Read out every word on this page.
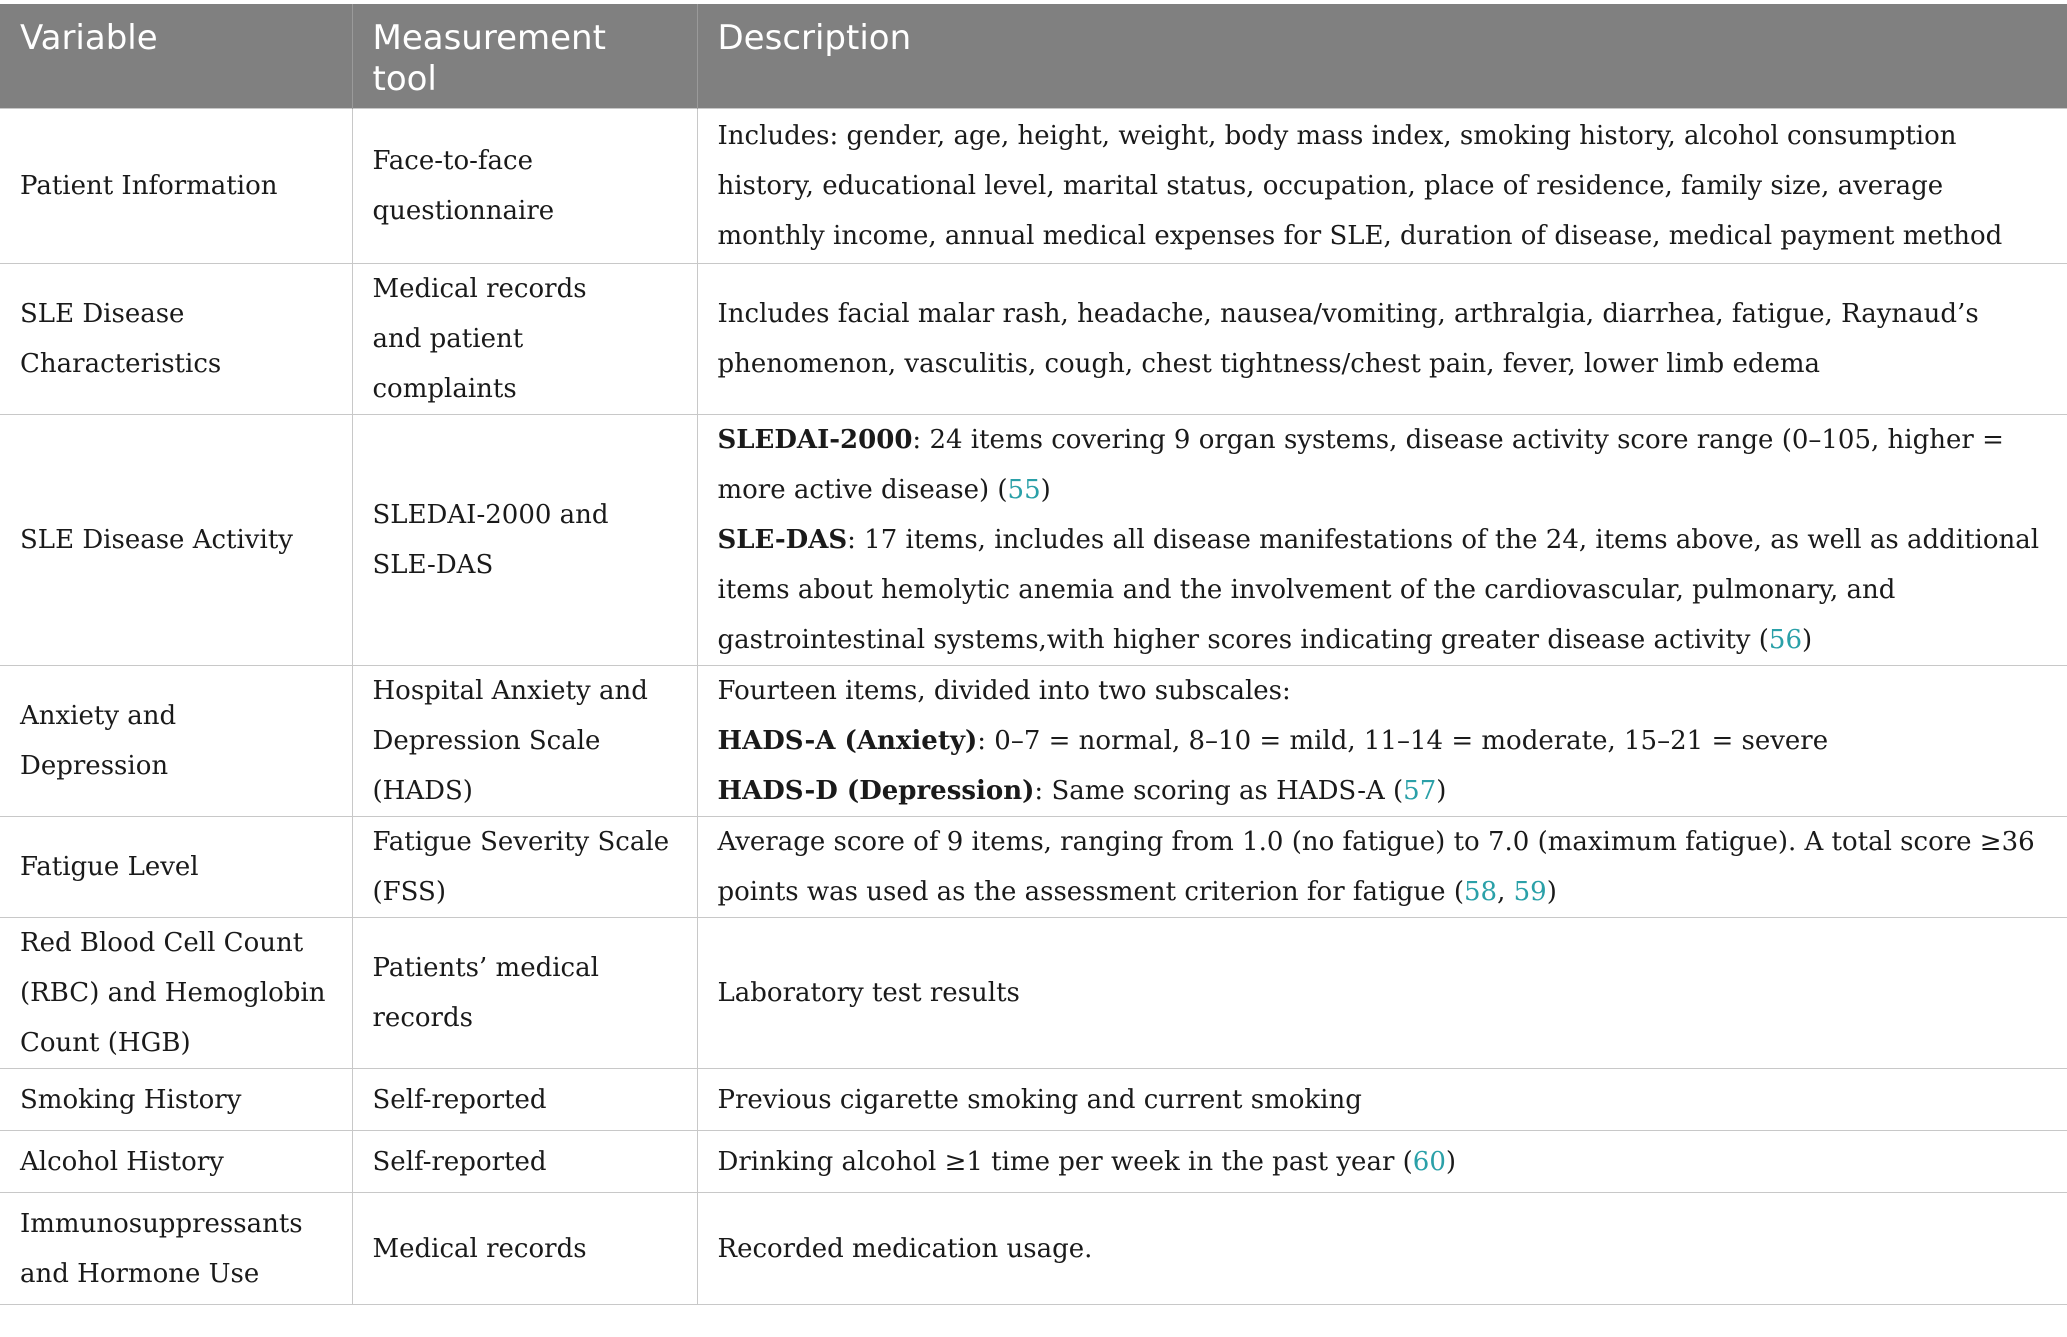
Variable	Measurement tool	Description
Patient Information	Face-to-face questionnaire	Includes: gender, age, height, weight, body mass index, smoking history, alcohol consumption history, educational level, marital status, occupation, place of residence, family size, average monthly income, annual medical expenses for SLE, duration of disease, medical payment method
SLE Disease Characteristics	Medical records and patient complaints	Includes facial malar rash, headache, nausea/vomiting, arthralgia, diarrhea, fatigue, Raynaud’s phenomenon, vasculitis, cough, chest tightness/chest pain, fever, lower limb edema
SLE Disease Activity	SLEDAI-2000 and SLE-DAS	SLEDAI-2000: 24 items covering 9 organ systems, disease activity score range (0–105, higher = more active disease) (55)
SLE-DAS: 17 items, includes all disease manifestations of the 24, items above, as well as additional items about hemolytic anemia and the involvement of the cardiovascular, pulmonary, and gastrointestinal systems,with higher scores indicating greater disease activity (56)

Anxiety and Depression	Hospital Anxiety and Depression Scale (HADS)	Fourteen items, divided into two subscales:
HADS-A (Anxiety): 0–7 = normal, 8–10 = mild, 11–14 = moderate, 15–21 = severe
HADS-D (Depression): Same scoring as HADS-A (57)

Fatigue Level	Fatigue Severity Scale (FSS)	Average score of 9 items, ranging from 1.0 (no fatigue) to 7.0 (maximum fatigue). A total score ≥36 points was used as the assessment criterion for fatigue (58, 59)
Red Blood Cell Count (RBC) and Hemoglobin Count (HGB)	Patients’ medical records	Laboratory test results
Smoking History	Self-reported	Previous cigarette smoking and current smoking
Alcohol History	Self-reported	Drinking alcohol ≥1 time per week in the past year (60)
Immunosuppressants and Hormone Use	Medical records	Recorded medication usage.
